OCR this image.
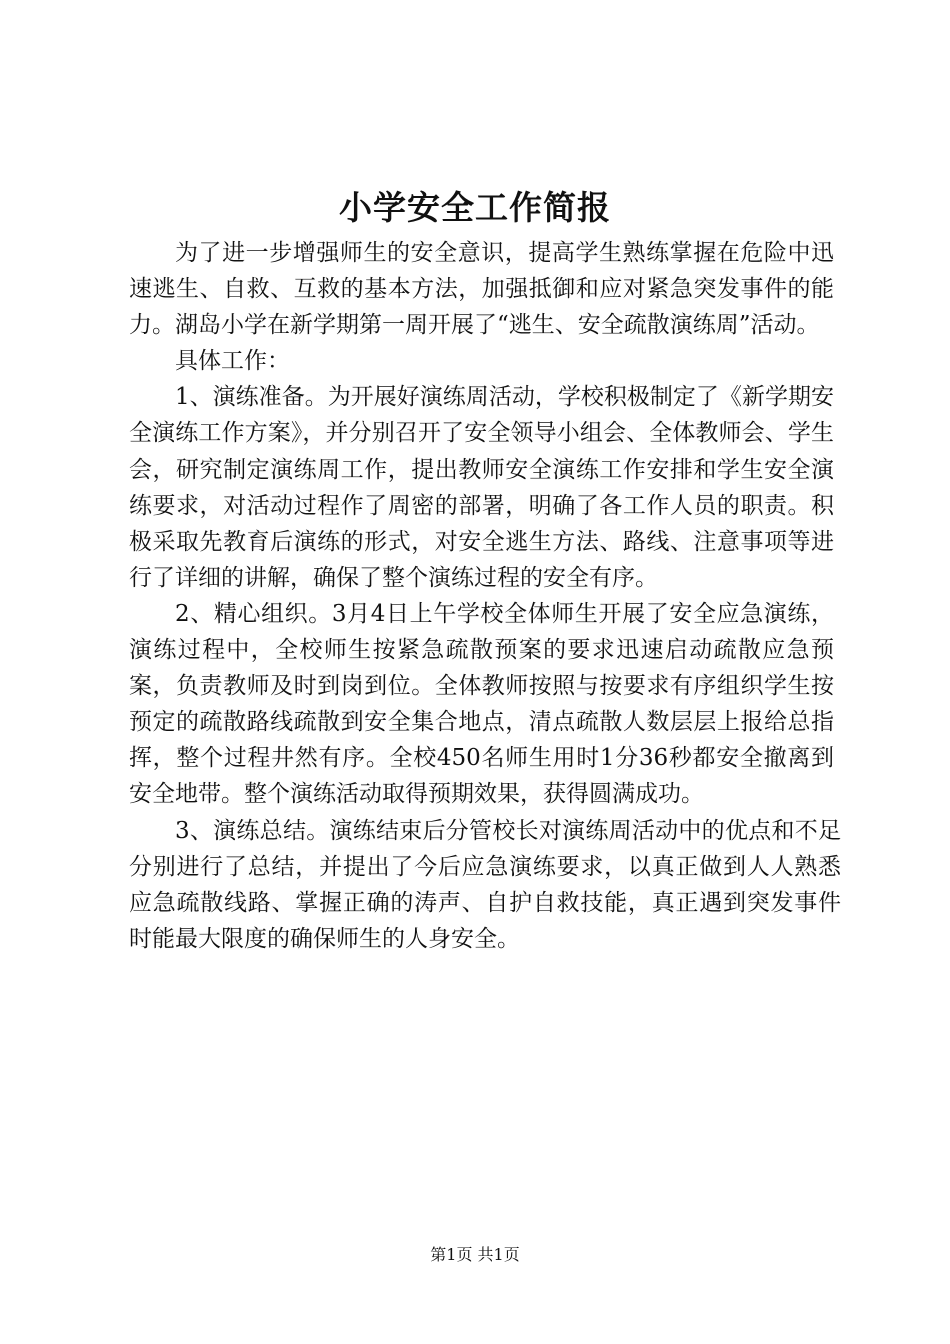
小学安全工作简报

为了进一步增强师生的安全意识，提高学生熟练掌握在危险中迅速逃生、自救、互救的基本方法，加强抵御和应对紧急突发事件的能力。湖岛小学在新学期第一周开展了“逃生、安全疏散演练周”活动。

具体工作：

1、演练准备。为开展好演练周活动，学校积极制定了《新学期安全演练工作方案》，并分别召开了安全领导小组会、全体教师会、学生会，研究制定演练周工作，提出教师安全演练工作安排和学生安全演练要求，对活动过程作了周密的部署，明确了各工作人员的职责。积极采取先教育后演练的形式，对安全逃生方法、路线、注意事项等进行了详细的讲解，确保了整个演练过程的安全有序。

2、精心组织。3月4日上午学校全体师生开展了安全应急演练，演练过程中，全校师生按紧急疏散预案的要求迅速启动疏散应急预案，负责教师及时到岗到位。全体教师按照与按要求有序组织学生按预定的疏散路线疏散到安全集合地点，清点疏散人数层层上报给总指挥，整个过程井然有序。全校450名师生用时1分36秒都安全撤离到安全地带。整个演练活动取得预期效果，获得圆满成功。

3、演练总结。演练结束后分管校长对演练周活动中的优点和不足分别进行了总结，并提出了今后应急演练要求，以真正做到人人熟悉应急疏散线路、掌握正确的涛声、自护自救技能，真正遇到突发事件时能最大限度的确保师生的人身安全。

第1页 共1页
